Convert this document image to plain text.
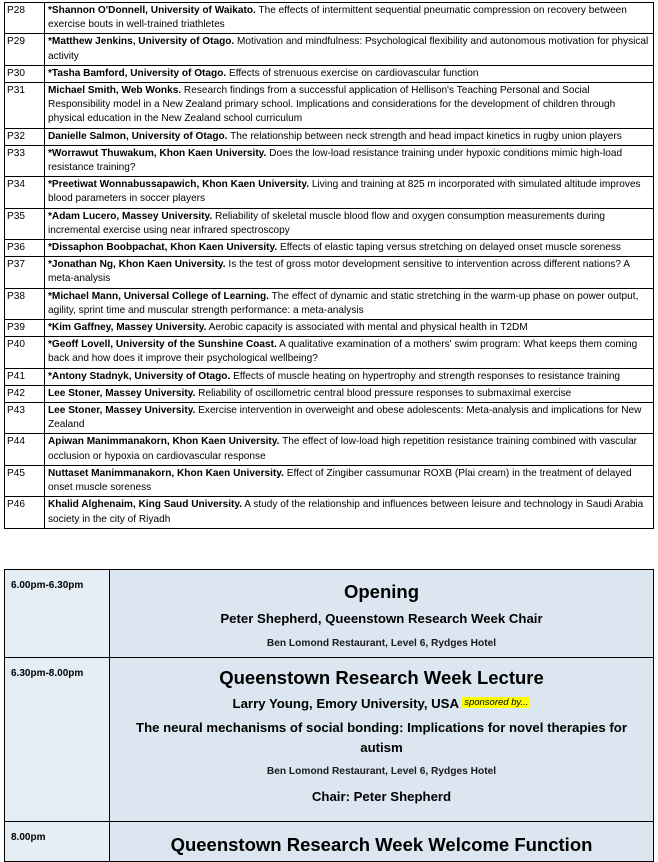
P28	*Shannon O'Donnell, University of Waikato. The effects of intermittent sequential pneumatic compression on recovery between exercise bouts in well-trained triathletes
P29	*Matthew Jenkins, University of Otago. Motivation and mindfulness: Psychological flexibility and autonomous motivation for physical activity
P30	*Tasha Bamford, University of Otago. Effects of strenuous exercise on cardiovascular function
P31	Michael Smith, Web Wonks. Research findings from a successful application of Hellison's Teaching Personal and Social Responsibility model in a New Zealand primary school. Implications and considerations for the development of children through physical education in the New Zealand school curriculum
P32	Danielle Salmon, University of Otago. The relationship between neck strength and head impact kinetics in rugby union players
P33	*Worrawut Thuwakum, Khon Kaen University. Does the low-load resistance training under hypoxic conditions mimic high-load resistance training?
P34	*Preetiwat Wonnabussapawich, Khon Kaen University. Living and training at 825 m incorporated with simulated altitude improves blood parameters in soccer players
P35	*Adam Lucero, Massey University. Reliability of skeletal muscle blood flow and oxygen consumption measurements during incremental exercise using near infrared spectroscopy
P36	*Dissaphon Boobpachat, Khon Kaen University. Effects of elastic taping versus stretching on delayed onset muscle soreness
P37	*Jonathan Ng, Khon Kaen University. Is the test of gross motor development sensitive to intervention across different nations? A meta-analysis
P38	*Michael Mann, Universal College of Learning. The effect of dynamic and static stretching in the warm-up phase on power output, agility, sprint time and muscular strength performance: a meta-analysis
P39	*Kim Gaffney, Massey University. Aerobic capacity is associated with mental and physical health in T2DM
P40	*Geoff Lovell, University of the Sunshine Coast. A qualitative examination of a mothers' swim program: What keeps them coming back and how does it improve their psychological wellbeing?
P41	*Antony Stadnyk, University of Otago. Effects of muscle heating on hypertrophy and strength responses to resistance training
P42	Lee Stoner, Massey University. Reliability of oscillometric central blood pressure responses to submaximal exercise
P43	Lee Stoner, Massey University. Exercise intervention in overweight and obese adolescents: Meta-analysis and implications for New Zealand
P44	Apiwan Manimmanakorn, Khon Kaen University. The effect of low-load high repetition resistance training combined with vascular occlusion or hypoxia on cardiovascular response
P45	Nuttaset Manimmanakorn, Khon Kaen University. Effect of Zingiber cassumunar ROXB (Plai cream) in the treatment of delayed onset muscle soreness
P46	Khalid Alghenaim, King Saud University. A study of the relationship and influences between leisure and technology in Saudi Arabia society in the city of Riyadh
6.00pm-6.30pm	Opening
Peter Shepherd, Queenstown Research Week Chair
Ben Lomond Restaurant, Level 6, Rydges Hotel

6.30pm-8.00pm	Queenstown Research Week Lecture
Larry Young, Emory University, USA $^{sponsored by...}$
The neural mechanisms of social bonding: Implications for novel therapies for autism
Ben Lomond Restaurant, Level 6, Rydges Hotel
Chair: Peter Shepherd

8.00pm	Queenstown Research Week Welcome Function
